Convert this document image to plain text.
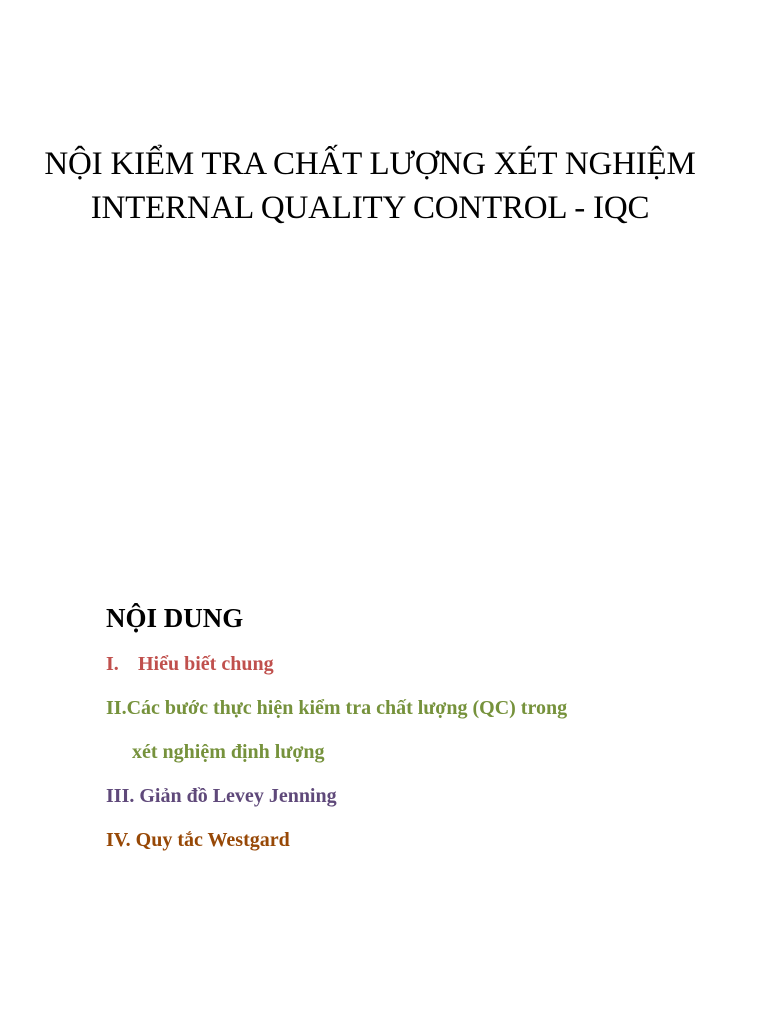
NỘI KIỂM TRA CHẤT LƯỢNG XÉT NGHIỆM
INTERNAL QUALITY CONTROL - IQC
NỘI DUNG
I. Hiểu biết chung
II.Các bước thực hiện kiểm tra chất lượng (QC) trong
xét nghiệm định lượng
III. Giản đồ Levey Jenning
IV. Quy tắc Westgard
